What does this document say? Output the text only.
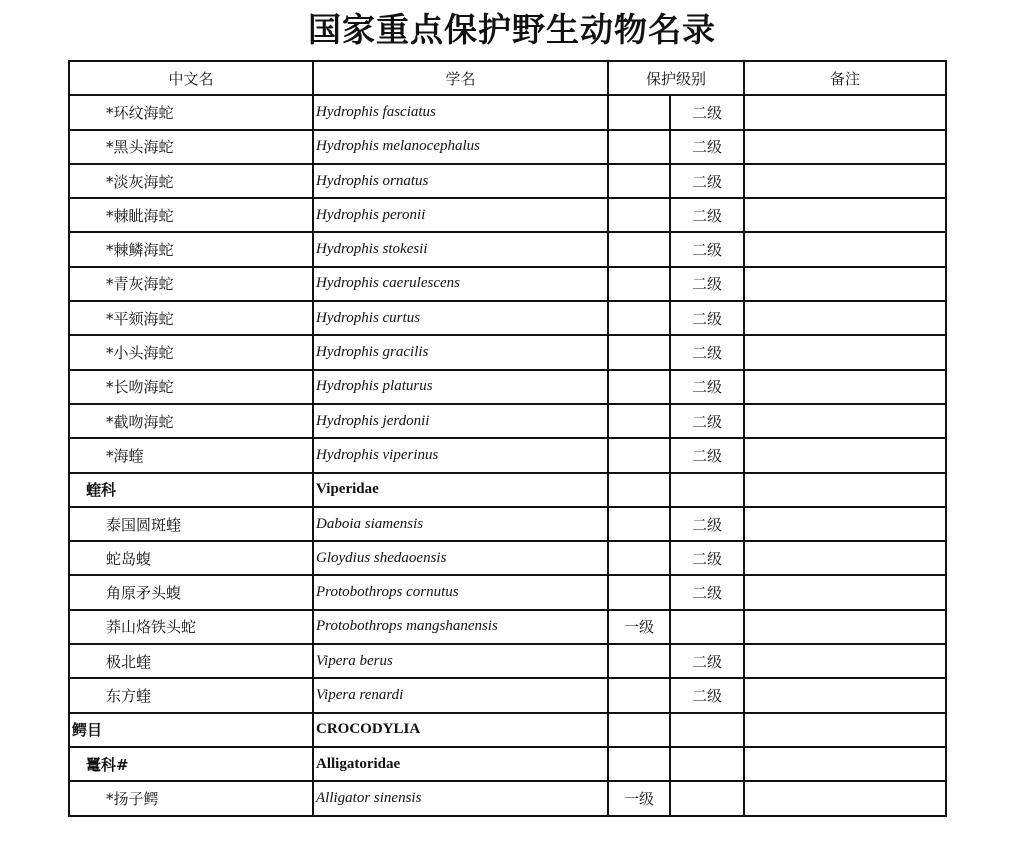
国家重点保护野生动物名录
中文名	学名	保护级别		备注
*环纹海蛇	Hydrophis fasciatus		二级	
*黑头海蛇	Hydrophis melanocephalus		二级	
*淡灰海蛇	Hydrophis ornatus		二级	
*棘眦海蛇	Hydrophis peronii		二级	
*棘鳞海蛇	Hydrophis stokesii		二级	
*青灰海蛇	Hydrophis caerulescens		二级	
*平颏海蛇	Hydrophis curtus		二级	
*小头海蛇	Hydrophis gracilis		二级	
*长吻海蛇	Hydrophis platurus		二级	
*截吻海蛇	Hydrophis jerdonii		二级	
*海蝰	Hydrophis viperinus		二级	
蝰科	Viperidae			
泰国圆斑蝰	Daboia siamensis		二级	
蛇岛蝮	Gloydius shedaoensis		二级	
角原矛头蝮	Protobothrops cornutus		二级	
莽山烙铁头蛇	Protobothrops mangshanensis	一级		
极北蝰	Vipera berus		二级	
东方蝰	Vipera renardi		二级	
鳄目	CROCODYLIA			
鼍科#	Alligatoridae			
*扬子鳄	Alligator sinensis	一级		
